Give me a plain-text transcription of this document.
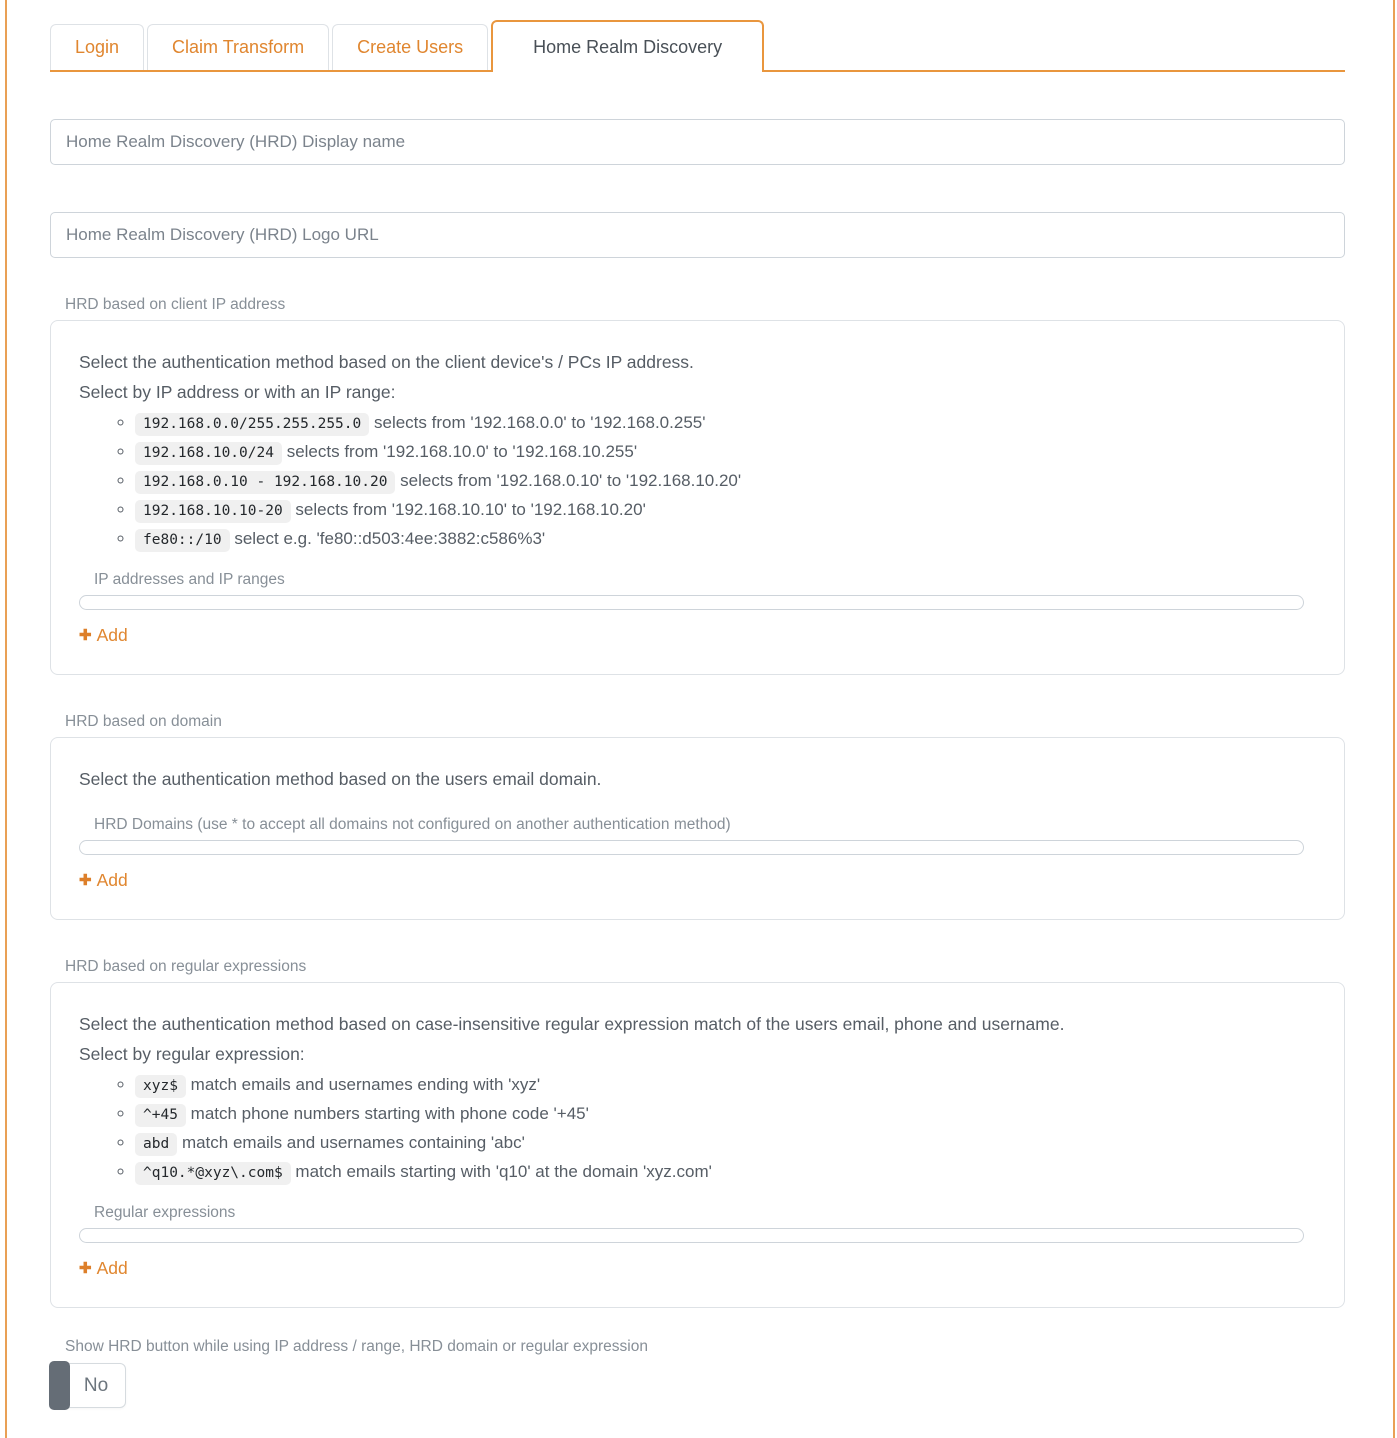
Login	Claim Transform	Create Users	Home Realm Discovery
Home Realm Discovery (HRD) Display name
Home Realm Discovery (HRD) Logo URL
HRD based on client IP address
Select the authentication method based on the client device's / PCs IP address.
Select by IP address or with an IP range:
◦ 192.168.0.0/255.255.255.0 selects from '192.168.0.0' to '192.168.0.255'
◦ 192.168.10.0/24 selects from '192.168.10.0' to '192.168.10.255'
◦ 192.168.0.10 - 192.168.10.20 selects from '192.168.0.10' to '192.168.10.20'
◦ 192.168.10.10-20 selects from '192.168.10.10' to '192.168.10.20'
◦ fe80::/10 select e.g. 'fe80::d503:4ee:3882:c586%3'
IP addresses and IP ranges
✚ Add
HRD based on domain
Select the authentication method based on the users email domain.
HRD Domains (use * to accept all domains not configured on another authentication method)
✚ Add
HRD based on regular expressions
Select the authentication method based on case-insensitive regular expression match of the users email, phone and username.
Select by regular expression:
◦ xyz$ match emails and usernames ending with 'xyz'
◦ ^+45 match phone numbers starting with phone code '+45'
◦ abd match emails and usernames containing 'abc'
◦ ^q10.*@xyz\.com$ match emails starting with 'q10' at the domain 'xyz.com'
Regular expressions
✚ Add
Show HRD button while using IP address / range, HRD domain or regular expression
No
